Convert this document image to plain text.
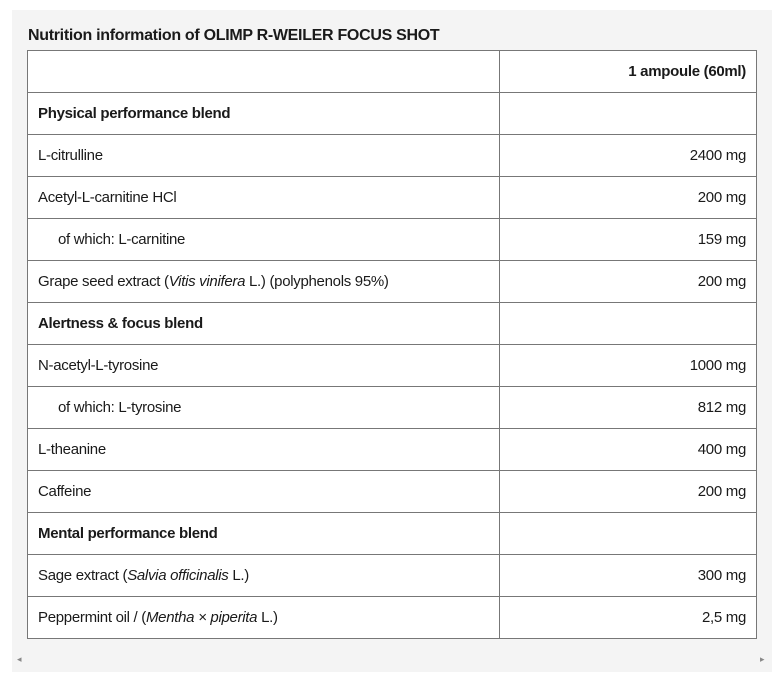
Nutrition information of OLIMP R-WEILER FOCUS SHOT
	1 ampoule (60ml)
Physical performance blend	
L-citrulline	2400 mg
Acetyl-L-carnitine HCl	200 mg
of which: L-carnitine	159 mg
Grape seed extract (Vitis vinifera L.) (polyphenols 95%)	200 mg
Alertness & focus blend	
N-acetyl-L-tyrosine	1000 mg
of which: L-tyrosine	812 mg
L-theanine	400 mg
Caffeine	200 mg
Mental performance blend	
Sage extract (Salvia officinalis L.)	300 mg
Peppermint oil / (Mentha × piperita L.)	2,5 mg
◂	▸
